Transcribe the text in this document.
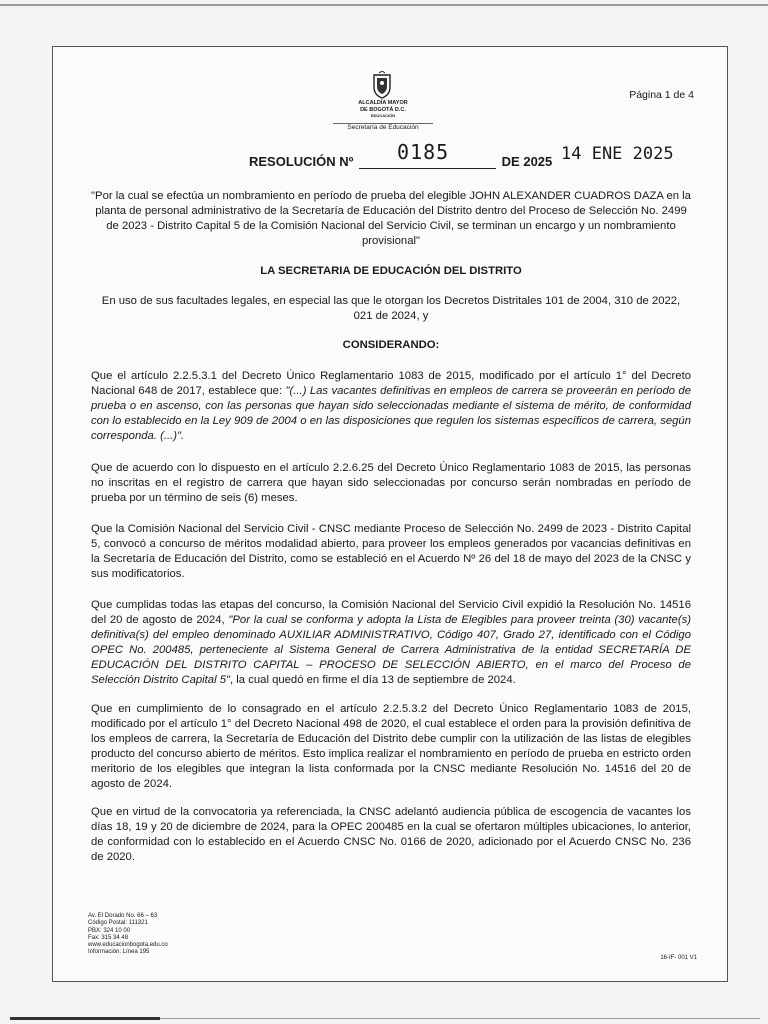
ALCALDÍA MAYOR
DE BOGOTÁ D.C.
EDUCACIÓN
Secretaría de Educación
Página 1 de 4
RESOLUCIÓN Nº 0185	DE 2025 14 ENE 2025
"Por la cual se efectúa un nombramiento en período de prueba del elegible JOHN ALEXANDER CUADROS DAZA en la planta de personal administrativo de la Secretaría de Educación del Distrito dentro del Proceso de Selección No. 2499 de 2023 - Distrito Capital 5 de la Comisión Nacional del Servicio Civil, se terminan un encargo y un nombramiento provisional"
LA SECRETARIA DE EDUCACIÓN DEL DISTRITO
En uso de sus facultades legales, en especial las que le otorgan los Decretos Distritales 101 de 2004, 310 de 2022, 021 de 2024, y
CONSIDERANDO:
Que el artículo 2.2.5.3.1 del Decreto Único Reglamentario 1083 de 2015, modificado por el artículo 1° del Decreto Nacional 648 de 2017, establece que: "(...) Las vacantes definitivas en empleos de carrera se proveerán en período de prueba o en ascenso, con las personas que hayan sido seleccionadas mediante el sistema de mérito, de conformidad con lo establecido en la Ley 909 de 2004 o en las disposiciones que regulen los sistemas específicos de carrera, según corresponda. (...)".
Que de acuerdo con lo dispuesto en el artículo 2.2.6.25 del Decreto Único Reglamentario 1083 de 2015, las personas no inscritas en el registro de carrera que hayan sido seleccionadas por concurso serán nombradas en período de prueba por un término de seis (6) meses.
Que la Comisión Nacional del Servicio Civil - CNSC mediante Proceso de Selección No. 2499 de 2023 - Distrito Capital 5, convocó a concurso de méritos modalidad abierto, para proveer los empleos generados por vacancias definitivas en la Secretaría de Educación del Distrito, como se estableció en el Acuerdo Nº 26 del 18 de mayo del 2023 de la CNSC y sus modificatorios.
Que cumplidas todas las etapas del concurso, la Comisión Nacional del Servicio Civil expidió la Resolución No. 14516 del 20 de agosto de 2024, "Por la cual se conforma y adopta la Lista de Elegibles para proveer treinta (30) vacante(s) definitiva(s) del empleo denominado AUXILIAR ADMINISTRATIVO, Código 407, Grado 27, identificado con el Código OPEC No. 200485, perteneciente al Sistema General de Carrera Administrativa de la entidad SECRETARÍA DE EDUCACIÓN DEL DISTRITO CAPITAL – PROCESO DE SELECCIÓN ABIERTO, en el marco del Proceso de Selección Distrito Capital 5", la cual quedó en firme el día 13 de septiembre de 2024.
Que en cumplimiento de lo consagrado en el artículo 2.2.5.3.2 del Decreto Único Reglamentario 1083 de 2015, modificado por el artículo 1° del Decreto Nacional 498 de 2020, el cual establece el orden para la provisión definitiva de los empleos de carrera, la Secretaría de Educación del Distrito debe cumplir con la utilización de las listas de elegibles producto del concurso abierto de méritos. Esto implica realizar el nombramiento en período de prueba en estricto orden meritorio de los elegibles que integran la lista conformada por la CNSC mediante Resolución No. 14516 del 20 de agosto de 2024.
Que en virtud de la convocatoria ya referenciada, la CNSC adelantó audiencia pública de escogencia de vacantes los días 18, 19 y 20 de diciembre de 2024, para la OPEC 200485 en la cual se ofertaron múltiples ubicaciones, lo anterior, de conformidad con lo establecido en el Acuerdo CNSC No. 0166 de 2020, adicionado por el Acuerdo CNSC No. 236 de 2020.
Av. El Dorado No. 66 – 63
Código Postal: 111321
PBX: 324 10 00
Fax: 315 34 48
www.educacionbogota.edu.co
Información: Línea 195
16-IF- 001 V1
